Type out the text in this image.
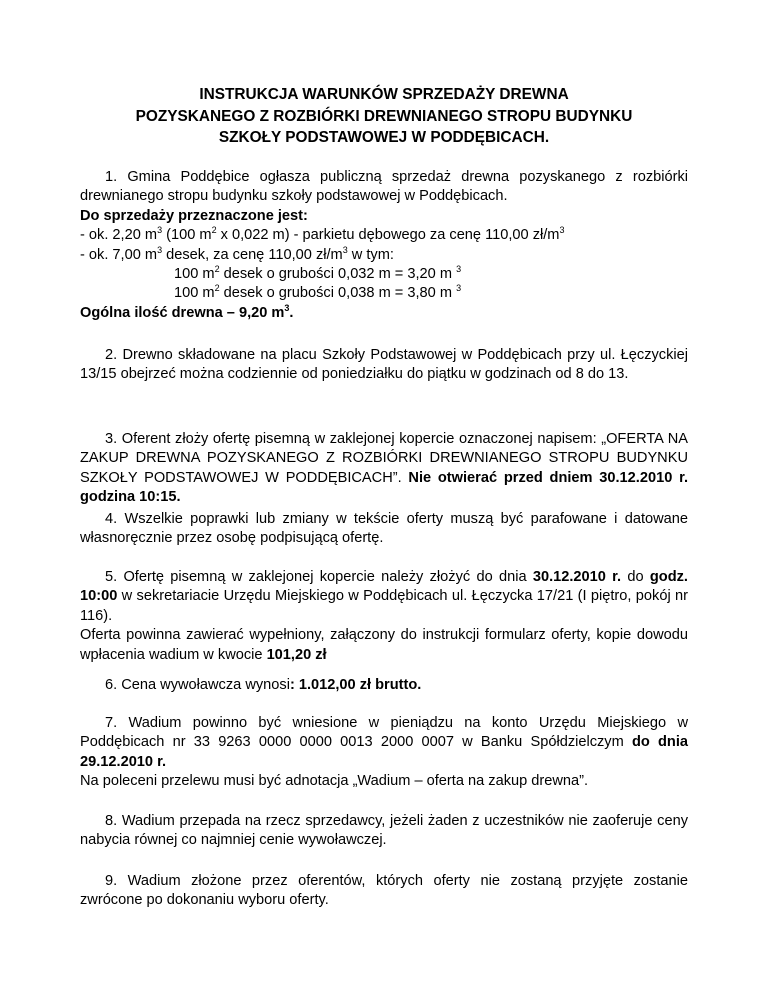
INSTRUKCJA WARUNKÓW SPRZEDAŻY DREWNA
POZYSKANEGO Z ROZBIÓRKI DREWNIANEGO STROPU BUDYNKU
SZKOŁY PODSTAWOWEJ W PODDĘBICACH.

1. Gmina Poddębice ogłasza publiczną sprzedaż drewna pozyskanego z rozbiórki drewnianego stropu budynku szkoły podstawowej w Poddębicach.

Do sprzedaży przeznaczone jest:

- ok. 2,20 $m^3$ (100 $m^2$ x 0,022 m) - parkietu dębowego za cenę 110,00 $zł/m^3$

- ok. 7,00 $m^3$ desek, za cenę 110,00 $zł/m^3$ w tym:

100 $m^2$ desek o grubości 0,032 m = 3,20 m $^3$

100 $m^2$ desek o grubości 0,038 m = 3,80 m $^3$

Ogólna ilość drewna – 9,20 $m^3$.

2. Drewno składowane na placu Szkoły Podstawowej w Poddębicach przy ul. Łęczyckiej 13/15 obejrzeć można codziennie od poniedziałku do piątku w godzinach od 8 do 13.

3. Oferent złoży ofertę pisemną w zaklejonej kopercie oznaczonej napisem: „OFERTA NA ZAKUP DREWNA POZYSKANEGO Z ROZBIÓRKI DREWNIANEGO STROPU BUDYNKU SZKOŁY PODSTAWOWEJ W PODDĘBICACH”. Nie otwierać przed dniem 30.12.2010 r. godzina 10:15.

4. Wszelkie poprawki lub zmiany w tekście oferty muszą być parafowane i datowane własnoręcznie przez osobę podpisującą ofertę.

5. Ofertę pisemną w zaklejonej kopercie należy złożyć do dnia 30.12.2010 r. do godz. 10:00 w sekretariacie Urzędu Miejskiego w Poddębicach ul. Łęczycka 17/21 (I piętro, pokój nr 116).

Oferta powinna zawierać wypełniony, załączony do instrukcji formularz oferty, kopie dowodu wpłacenia wadium w kwocie 101,20 zł

6. Cena wywoławcza wynosi: 1.012,00 zł brutto.

7. Wadium powinno być wniesione w pieniądzu na konto Urzędu Miejskiego w Poddębicach nr 33 9263 0000 0000 0013 2000 0007 w Banku Spółdzielczym do dnia 29.12.2010 r.

Na poleceni przelewu musi być adnotacja „Wadium – oferta na zakup drewna”.

8. Wadium przepada na rzecz sprzedawcy, jeżeli żaden z uczestników nie zaoferuje ceny nabycia równej co najmniej cenie wywoławczej.

9. Wadium złożone przez oferentów, których oferty nie zostaną przyjęte zostanie zwrócone po dokonaniu wyboru oferty.
